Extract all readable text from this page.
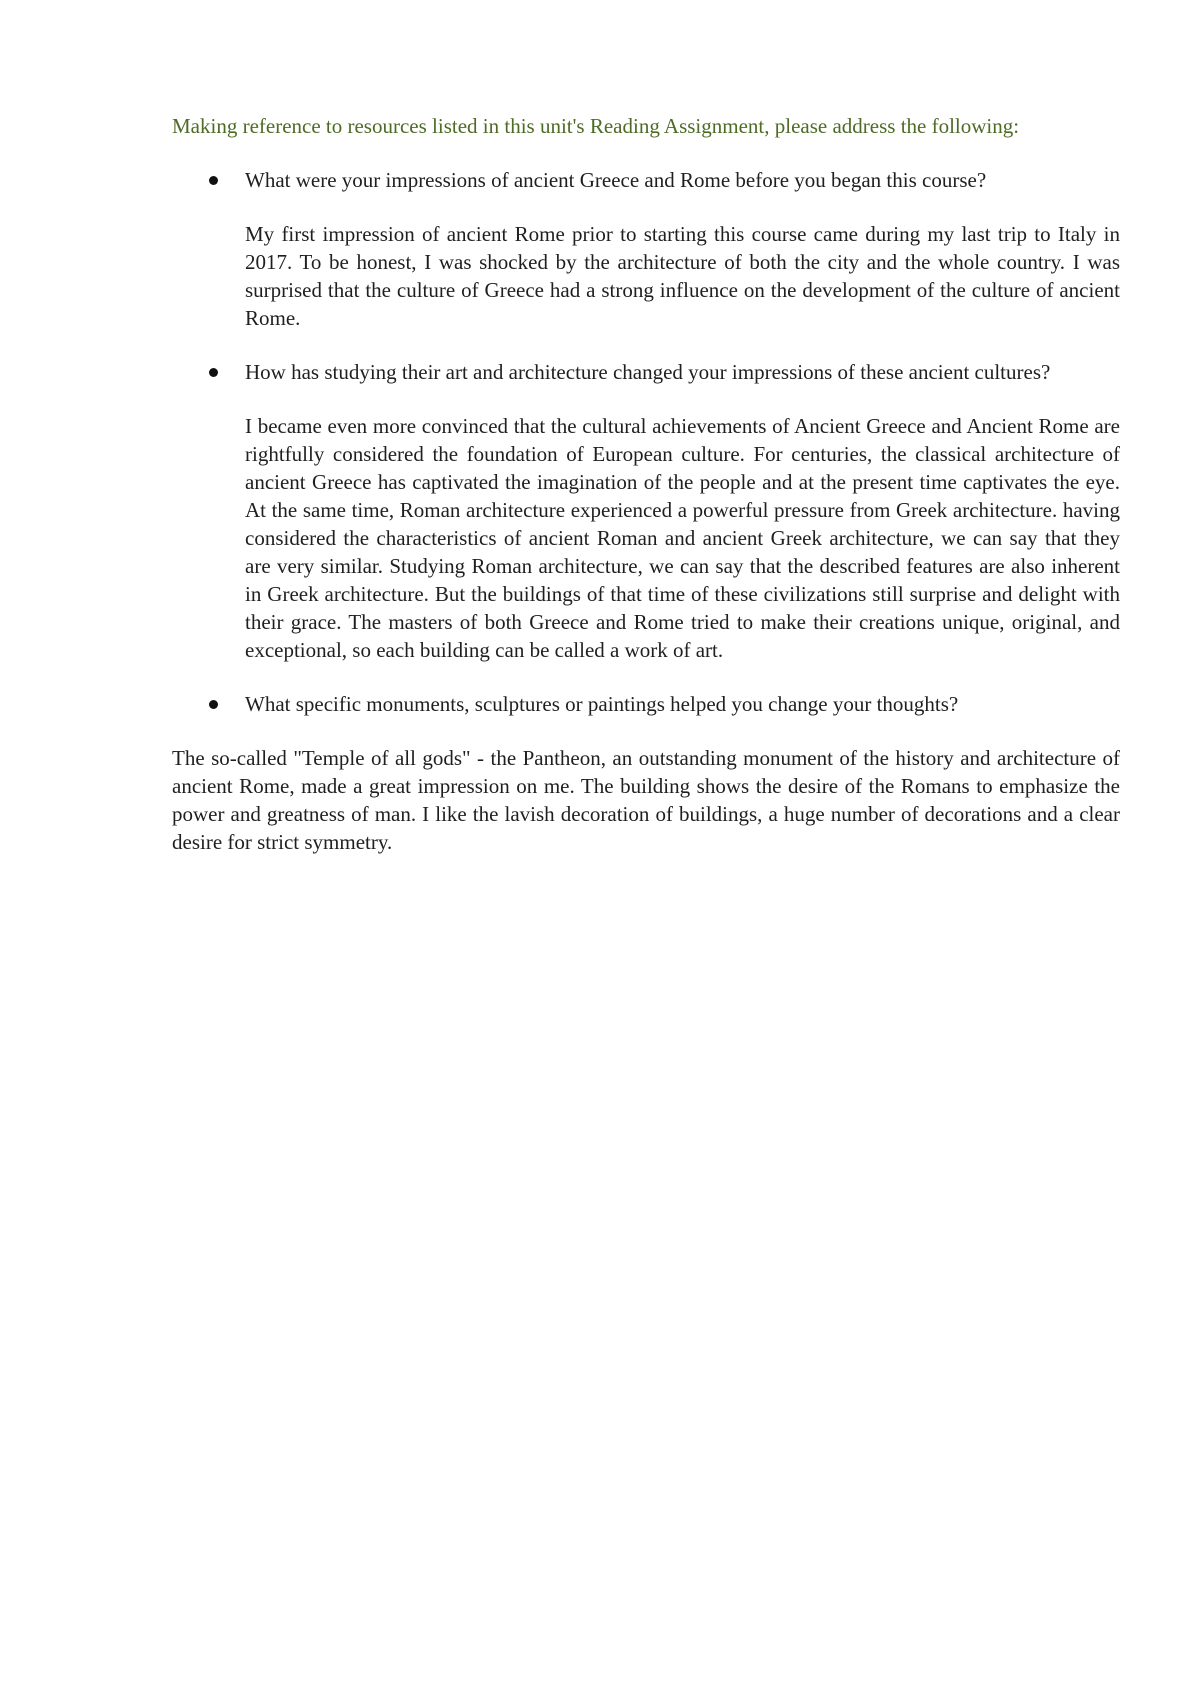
Making reference to resources listed in this unit's Reading Assignment, please address the following:

What were your impressions of ancient Greece and Rome before you began this course?

My first impression of ancient Rome prior to starting this course came during my last trip to Italy in 2017. To be honest, I was shocked by the architecture of both the city and the whole country. I was surprised that the culture of Greece had a strong influence on the development of the culture of ancient Rome.

How has studying their art and architecture changed your impressions of these ancient cultures?

I became even more convinced that the cultural achievements of Ancient Greece and Ancient Rome are rightfully considered the foundation of European culture. For centuries, the classical architecture of ancient Greece has captivated the imagination of the people and at the present time captivates the eye. At the same time, Roman architecture experienced a powerful pressure from Greek architecture. having considered the characteristics of ancient Roman and ancient Greek architecture, we can say that they are very similar. Studying Roman architecture, we can say that the described features are also inherent in Greek architecture. But the buildings of that time of these civilizations still surprise and delight with their grace. The masters of both Greece and Rome tried to make their creations unique, original, and exceptional, so each building can be called a work of art.

What specific monuments, sculptures or paintings helped you change your thoughts?

The so-called "Temple of all gods" - the Pantheon, an outstanding monument of the history and architecture of ancient Rome, made a great impression on me. The building shows the desire of the Romans to emphasize the power and greatness of man. I like the lavish decoration of buildings, a huge number of decorations and a clear desire for strict symmetry.
